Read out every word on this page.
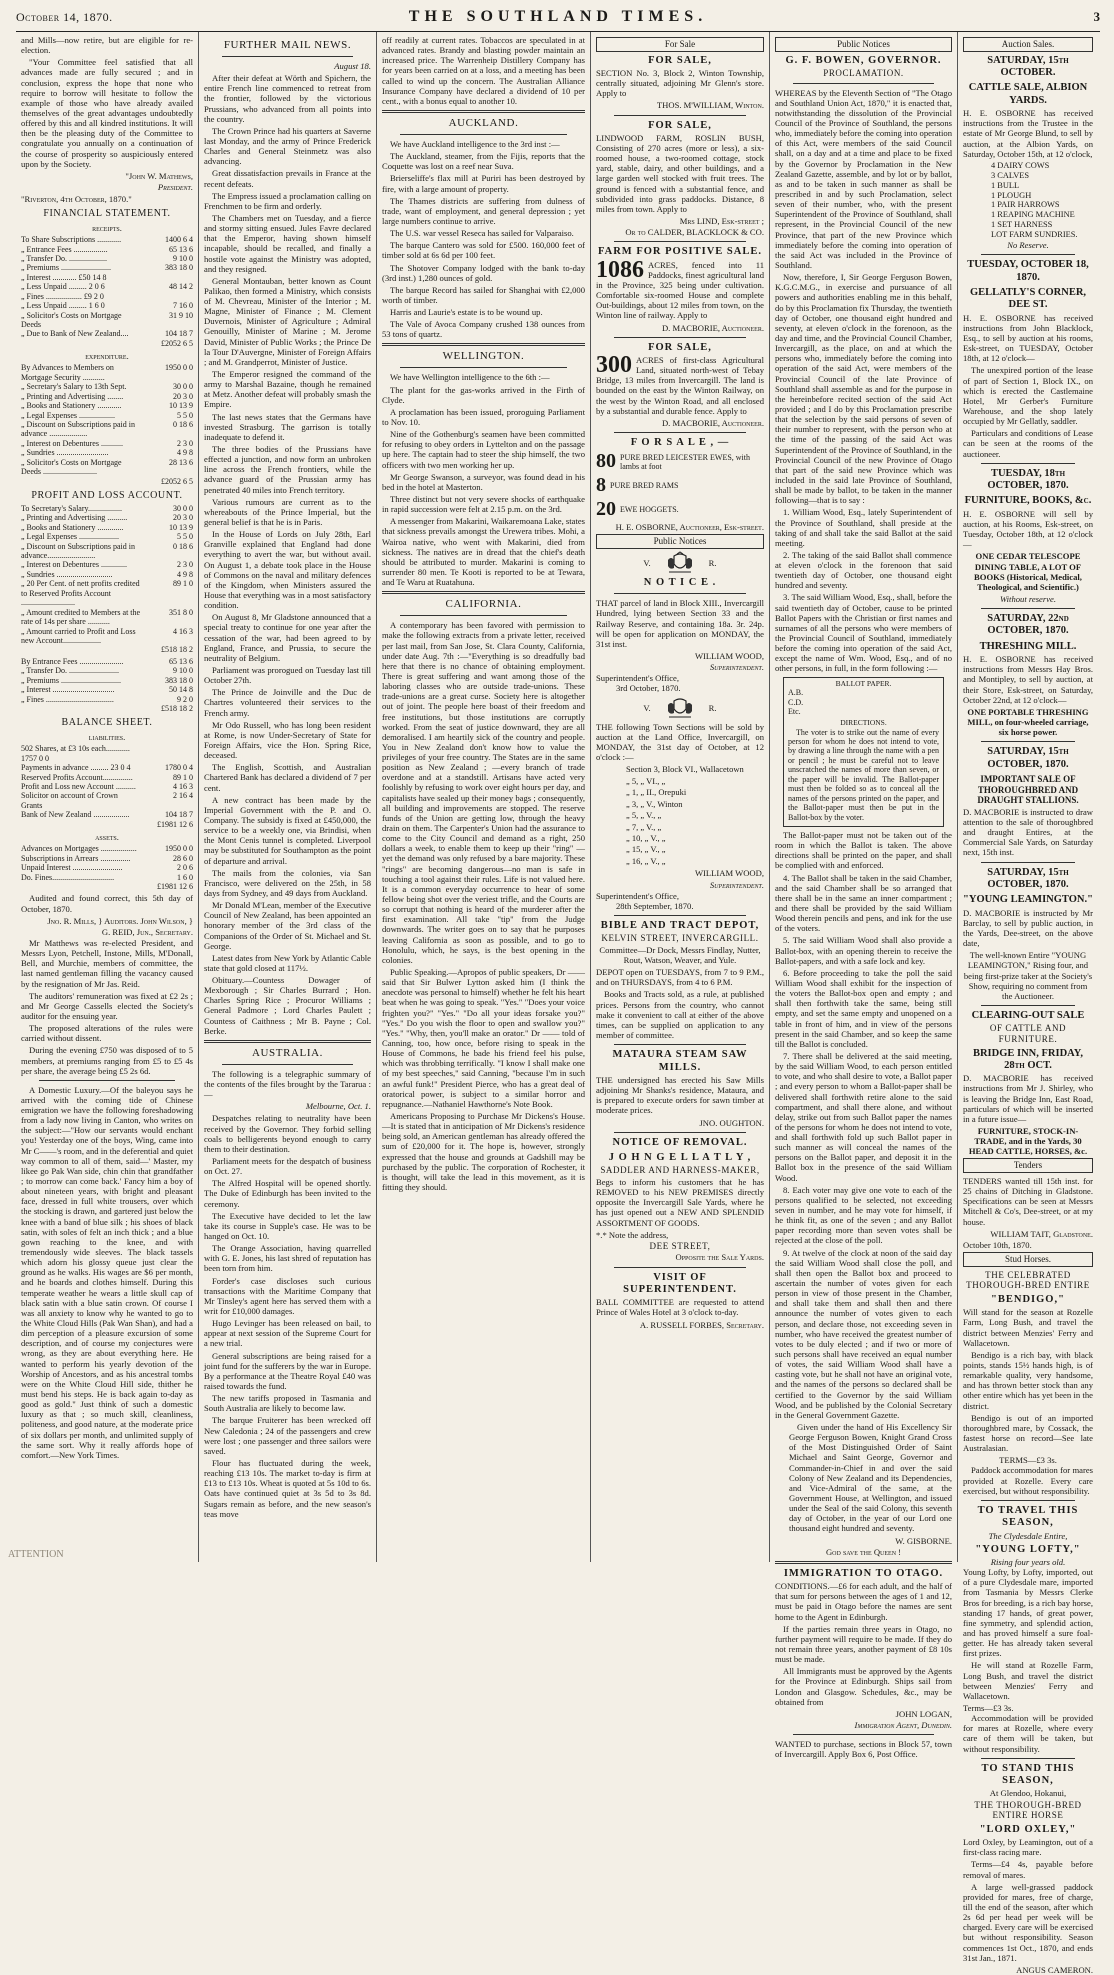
October 14, 1870.	THE SOUTHLAND TIMES.	3

and Mills—now retire, but are eligible for re-election.

"Your Committee feel satisfied that all advances made are fully secured ; and in conclusion, express the hope that none who require to borrow will hesitate to follow the example of those who have already availed themselves of the great advantages undoubtedly offered by this and all kindred institutions. It will then be the pleasing duty of the Committee to congratulate you annually on a continuation of the course of prosperity so auspiciously entered upon by the Society.

"John W. Mathews,
President.
"Riverton, 4th October, 1870."
FINANCIAL STATEMENT.
receipts.
To Share Subscriptions ............	1400 6 4
„ Entrance Fees .................	65 13 6
„ Transfer Do. ...................	9 10 0
„ Premiums .........................	383 18 0
„ Interest ............ £50 14 8	
„ Less Unpaid ......... 2 0 6	48 14 2
„ Fines .................. £9 2 0	
„ Less Unpaid ......... 1 6 0	7 16 0
„ Solicitor's Costs on Mortgage Deeds	31 9 10
„ Due to Bank of New Zealand....	104 18 7
	£2052 6 5
expenditure.
By Advances to Members on Mortgage Security ...........	1950 0 0
„ Secretary's Salary to 13th Sept.	30 0 0
„ Printing and Advertising ........	20 3 0
„ Books and Stationery ............	10 13 9
„ Legal Expenses ..................	5 5 0
„ Discount on Subscriptions paid in advance ...................	0 18 6
„ Interest on Debentures ...........	2 3 0
„ Sundries ..........................	4 9 8
„ Solicitor's Costs on Mortgage Deeds ...........................	28 13 6
	£2052 6 5
PROFIT AND LOSS ACCOUNT.
To Secretary's Salary.................	30 0 0
„ Printing and Advertising ..........	20 3 0
„ Books and Stationery .............	10 13 9
„ Legal Expenses ....................	5 5 0
„ Discount on Subscriptions paid in advance........................	0 18 6
„ Interest on Debentures .............	2 3 0
„ Sundries ............................	4 9 8
„ 20 Per Cent. of nett profits credited to Reserved Profits Account ...........................	89 1 0
„ Amount credited to Members at the rate of 14s per share ...........	351 8 0
„ Amount carried to Profit and Loss new Account...................	4 16 3
	£518 18 2
By Entrance Fees ......................	65 13 6
„ Transfer Do. .........................	9 10 0
„ Premiums ..............................	383 18 0
„ Interest ...............................	50 14 8
„ Fines ..................................	9 2 0
	£518 18 2
BALANCE SHEET.
liabilities.
502 Shares, at £3 10s each............ 1757 0 0	
Payments in advance ......... 23 0 4	1780 0 4
Reserved Profits Account...............	89 1 0
Profit and Loss new Account ..........	4 16 3
Solicitor on account of Crown Grants	2 16 4
Bank of New Zealand ..................	104 18 7
	£1981 12 6
assets.
Advances on Mortgages ..................	1950 0 0
Subscriptions in Arrears ...............	28 6 0
Unpaid Interest .........................	2 0 6
Do. Fines...............................	1 6 0
	£1981 12 6

Audited and found correct, this 5th day of October, 1870.

Jno. R. Mills, } Auditors. John Wilson, }
G. REID, Jun., Secretary.

Mr Matthews was re-elected President, and Messrs Lyon, Petchell, Instone, Mills, M'Donall, Bell, and Murchie, members of committee, the last named gentleman filling the vacancy caused by the resignation of Mr Jas. Reid.

The auditors' remuneration was fixed at £2 2s ; and Mr George Cassells elected the Society's auditor for the ensuing year.

The proposed alterations of the rules were carried without dissent.

During the evening £750 was disposed of to 5 members, at premiums ranging from £5 to £5 4s per share, the average being £5 2s 6d.

A Domestic Luxury.—Of the baleyou says he arrived with the coming tide of Chinese emigration we have the following foreshadowing from a lady now living in Canton, who writes on the subject:—"How our servants would enchant you! Yesterday one of the boys, Wing, came into Mr C——'s room, and in the deferential and quiet way common to all of them, said—' Master, my likee go Pak Wan side, chin chin that grandfather ; to morrow can come back.' Fancy him a boy of about nineteen years, with bright and pleasant face, dressed in full white trousers, over which the stocking is drawn, and gartered just below the knee with a band of blue silk ; his shoes of black satin, with soles of felt an inch thick ; and a blue gown reaching to the knee, and with tremendously wide sleeves. The black tassels which adorn his glossy queue just clear the ground as he walks. His wages are $6 per month, and he boards and clothes himself. During this temperate weather he wears a little skull cap of black satin with a blue satin crown. Of course I was all anxiety to know why he wanted to go to the White Cloud Hills (Pak Wan Shan), and had a dim perception of a pleasure excursion of some description, and of course my conjectures were wrong, as they are about everything here. He wanted to perform his yearly devotion of the Worship of Ancestors, and as his ancestral tombs were on the White Cloud Hill side, thither he must bend his steps. He is back again to-day as good as gold." Just think of such a domestic luxury as that ; so much skill, cleanliness, politeness, and good nature, at the moderate price of six dollars per month, and unlimited supply of the same sort. Why it really affords hope of comfort.—New York Times.

FURTHER MAIL NEWS.
August 18.

After their defeat at Wörth and Spichern, the entire French line commenced to retreat from the frontier, followed by the victorious Prussians, who advanced from all points into the country.

The Crown Prince had his quarters at Saverne last Monday, and the army of Prince Frederick Charles and General Steinmetz was also advancing.

Great dissatisfaction prevails in France at the recent defeats.

The Empress issued a proclamation calling on Frenchmen to be firm and orderly.

The Chambers met on Tuesday, and a fierce and stormy sitting ensued. Jules Favre declared that the Emperor, having shown himself incapable, should be recalled, and finally a hostile vote against the Ministry was adopted, and they resigned.

General Montauban, better known as Count Palikao, then formed a Ministry, which consists of M. Chevreau, Minister of the Interior ; M. Magne, Minister of Finance ; M. Clement Duvernois, Minister of Agriculture ; Admiral Genouilly, Minister of Marine ; M. Jerome David, Minister of Public Works ; the Prince De la Tour D'Auvergne, Minister of Foreign Affairs ; and M. Grandperrot, Minister of Justice.

The Emperor resigned the command of the army to Marshal Bazaine, though he remained at Metz. Another defeat will probably smash the Empire.

The last news states that the Germans have invested Strasburg. The garrison is totally inadequate to defend it.

The three bodies of the Prussians have effected a junction, and now form an unbroken line across the French frontiers, while the advance guard of the Prussian army has penetrated 40 miles into French territory.

Various rumours are current as to the whereabouts of the Prince Imperial, but the general belief is that he is in Paris.

In the House of Lords on July 28th, Earl Granville explained that England had done everything to avert the war, but without avail. On August 1, a debate took place in the House of Commons on the naval and military defences of the Kingdom, when Ministers assured the House that everything was in a most satisfactory condition.

On August 8, Mr Gladstone announced that a special treaty to continue for one year after the cessation of the war, had been agreed to by England, France, and Prussia, to secure the neutrality of Belgium.

Parliament was prorogued on Tuesday last till October 27th.

The Prince de Joinville and the Duc de Chartres volunteered their services to the French army.

Mr Odo Russell, who has long been resident at Rome, is now Under-Secretary of State for Foreign Affairs, vice the Hon. Spring Rice, deceased.

The English, Scottish, and Australian Chartered Bank has declared a dividend of 7 per cent.

A new contract has been made by the Imperial Government with the P. and O. Company. The subsidy is fixed at £450,000, the service to be a weekly one, via Brindisi, when the Mont Cenis tunnel is completed. Liverpool may be substituted for Southampton as the point of departure and arrival.

The mails from the colonies, via San Francisco, were delivered on the 25th, in 58 days from Sydney, and 49 days from Auckland.

Mr Donald M'Lean, member of the Executive Council of New Zealand, has been appointed an honorary member of the 3rd class of the Companions of the Order of St. Michael and St. George.

Latest dates from New York by Atlantic Cable state that gold closed at 117½.

Obituary.—Countess Dowager of Mexborough ; Sir Charles Burrard ; Hon. Charles Spring Rice ; Procuror Williams ; General Padmore ; Lord Charles Paulett ; Countess of Caithness ; Mr B. Payne ; Col. Berke.

AUSTRALIA.

The following is a telegraphic summary of the contents of the files brought by the Tararua :—

Melbourne, Oct. 1.

Despatches relating to neutrality have been received by the Governor. They forbid selling coals to belligerents beyond enough to carry them to their destination.

Parliament meets for the despatch of business on Oct. 27.

The Alfred Hospital will be opened shortly. The Duke of Edinburgh has been invited to the ceremony.

The Executive have decided to let the law take its course in Supple's case. He was to be hanged on Oct. 10.

The Orange Association, having quarrelled with G. E. Jones, his last shred of reputation has been torn from him.

Forder's case discloses such curious transactions with the Maritime Company that Mr Tinsley's agent here has served them with a writ for £10,000 damages.

Hugo Levinger has been released on bail, to appear at next session of the Supreme Court for a new trial.

General subscriptions are being raised for a joint fund for the sufferers by the war in Europe. By a performance at the Theatre Royal £40 was raised towards the fund.

The new tariffs proposed in Tasmania and South Australia are likely to become law.

The barque Fruiterer has been wrecked off New Caledonia ; 24 of the passengers and crew were lost ; one passenger and three sailors were saved.

Flour has fluctuated during the week, reaching £13 10s. The market to-day is firm at £13 to £13 10s. Wheat is quoted at 5s 10d to 6s. Oats have continued quiet at 3s 5d to 3s 8d. Sugars remain as before, and the new season's teas move

off readily at current rates. Tobaccos are speculated in at advanced rates. Brandy and blasting powder maintain an increased price. The Warrenheip Distillery Company has for years been carried on at a loss, and a meeting has been called to wind up the concern. The Australian Alliance Insurance Company have declared a dividend of 10 per cent., with a bonus equal to another 10.

AUCKLAND.

We have Auckland intelligence to the 3rd inst :—

The Auckland, steamer, from the Fijis, reports that the Coquette was lost on a reef near Suva.

Brierseliffe's flax mill at Puriri has been destroyed by fire, with a large amount of property.

The Thames districts are suffering from dulness of trade, want of employment, and general depression ; yet large numbers continue to arrive.

The U.S. war vessel Reseca has sailed for Valparaiso.

The barque Cantero was sold for £500. 160,000 feet of timber sold at 6s 6d per 100 feet.

The Shotover Company lodged with the bank to-day (3rd inst.) 1,280 ounces of gold.

The barque Record has sailed for Shanghai with £2,000 worth of timber.

Harris and Laurie's estate is to be wound up.

The Vale of Avoca Company crushed 138 ounces from 53 tons of quartz.

WELLINGTON.

We have Wellington intelligence to the 6th :—

The plant for the gas-works arrived in the Firth of Clyde.

A proclamation has been issued, proroguing Parliament to Nov. 10.

Nine of the Gothenburg's seamen have been committed for refusing to obey orders in Lyttelton and on the passage up here. The captain had to steer the ship himself, the two officers with two men working her up.

Mr George Swanson, a surveyor, was found dead in his bed in the hotel at Masterton.

Three distinct but not very severe shocks of earthquake in rapid succession were felt at 2.15 p.m. on the 3rd.

A messenger from Makarini, Waikaremoana Lake, states that sickness prevails amongst the Urewera tribes. Mohi, a Wairoa native, who went with Makarini, died from sickness. The natives are in dread that the chief's death should be attributed to murder. Makarini is coming to surrender 80 men. Te Kooti is reported to be at Tewara, and Te Waru at Ruatahuna.

CALIFORNIA.

A contemporary has been favored with permission to make the following extracts from a private letter, received per last mail, from San Jose, St. Clara County, California, under date Aug. 7th :—"Everything is so dreadfully bad here that there is no chance of obtaining employment. There is great suffering and want among those of the laboring classes who are outside trade-unions. These trade-unions are a great curse. Society here is altogether out of joint. The people here boast of their freedom and free institutions, but those institutions are corruptly worked. From the seat of justice downward, they are all demoralised. I am heartily sick of the country and people. You in New Zealand don't know how to value the privileges of your free country. The States are in the same position as New Zealand ; —every branch of trade overdone and at a standstill. Artisans have acted very foolishly by refusing to work over eight hours per day, and capitalists have sealed up their money bags ; consequently, all building and improvements are stopped. The reserve funds of the Union are getting low, through the heavy drain on them. The Carpenter's Union had the assurance to come to the City Council and demand as a right, 250 dollars a week, to enable them to keep up their "ring" —yet the demand was only refused by a bare majority. These "rings" are becoming dangerous—no man is safe in touching a tool against their rules. Life is not valued here. It is a common everyday occurrence to hear of some fellow being shot over the veriest trifle, and the Courts are so corrupt that nothing is heard of the murderer after the first examination. All take "tip" from the Judge downwards. The writer goes on to say that he purposes leaving California as soon as possible, and to go to Honolulu, which, he says, is the best opening in the colonies.

Public Speaking.—Apropos of public speakers, Dr —— said that Sir Bulwer Lytton asked him (I think the anecdote was personal to himself) whether he felt his heart beat when he was going to speak. "Yes." "Does your voice frighten you?" "Yes." "Do all your ideas forsake you?" "Yes." Do you wish the floor to open and swallow you?" "Yes." "Why, then, you'll make an orator." Dr —— told of Canning, too, how once, before rising to speak in the House of Commons, he bade his friend feel his pulse, which was throbbing terrifically. "I know I shall make one of my best speeches," said Canning, "because I'm in such an awful funk!" President Pierce, who has a great deal of oratorical power, is subject to a similar horror and repugnance.—Nathaniel Hawthorne's Note Book.

Americans Proposing to Purchase Mr Dickens's House.—It is stated that in anticipation of Mr Dickens's residence being sold, an American gentleman has already offered the sum of £20,000 for it. The hope is, however, strongly expressed that the house and grounds at Gadshill may be purchased by the public. The corporation of Rochester, it is thought, will take the lead in this movement, as it is fitting they should.

For Sale
FOR SALE,

SECTION No. 3, Block 2, Winton Township, centrally situated, adjoining Mr Glenn's store. Apply to

THOS. M'WILLIAM, Winton.
FOR SALE,

LINDWOOD FARM, ROSLIN BUSH, Consisting of 270 acres (more or less), a six-roomed house, a two-roomed cottage, stock yard, stable, dairy, and other buildings, and a large garden well stocked with fruit trees. The ground is fenced with a substantial fence, and subdivided into grass paddocks. Distance, 8 miles from town. Apply to

Mrs LIND, Esk-street ;
Or to CALDER, BLACKLOCK & CO.
FARM FOR POSITIVE SALE.

1086 ACRES, fenced into 11 Paddocks, finest agricultural land in the Province, 325 being under cultivation. Comfortable six-roomed House and complete Out-buildings, about 12 miles from town, on the Winton line of railway. Apply to

D. MACBORIE, Auctioneer.
FOR SALE,

300 ACRES of first-class Agricultural Land, situated north-west of Tebay Bridge, 13 miles from Invercargill. The land is bounded on the east by the Winton Railway, on the west by the Winton Road, and all enclosed by a substantial and durable fence. Apply to

D. MACBORIE, Auctioneer.
F O R S A L E , —
80 PURE BRED LEICESTER EWES, with lambs at foot
8 PURE BRED RAMS
20 EWE HOGGETS.
H. E. OSBORNE, Auctioneer, Esk-street.
Public Notices
V.	R.
N O T I C E .

THAT parcel of land in Block XIII., Invercargill Hundred, lying between Section 33 and the Railway Reserve, and containing 18a. 3r. 24p. will be open for application on MONDAY, the 31st inst.

WILLIAM WOOD,
Superintendent.
Superintendent's Office,
3rd October, 1870.
V.	R.

THE following Town Sections will be sold by auction at the Land Office, Invercargill, on MONDAY, the 31st day of October, at 12 o'clock :—

Section 3, Block VI., Wallacetown
„ 5, „ VI., „
„ 1, „ II., Orepuki
„ 3, „ V., Winton
„ 5, „ V., „
„ 7, „ V., „
„ 10, „ V., „
„ 15, „ V., „
„ 16, „ V., „
WILLIAM WOOD,
Superintendent.
Superintendent's Office,
28th September, 1870.
BIBLE AND TRACT DEPOT,
KELVIN STREET, INVERCARGILL.

Committee—Dr Dock, Messrs Findlay, Nutter, Rout, Watson, Weaver, and Yule.

DEPOT open on TUESDAYS, from 7 to 9 P.M., and on THURSDAYS, from 4 to 6 P.M.

Books and Tracts sold, as a rule, at published prices. Persons from the country, who cannot make it convenient to call at either of the above times, can be supplied on application to any member of committee.

MATAURA STEAM SAW MILLS.

THE undersigned has erected his Saw Mills adjoining Mr Shanks's residence, Mataura, and is prepared to execute orders for sawn timber at moderate prices.

JNO. OUGHTON.
NOTICE OF REMOVAL.
J O H N G E L L A T L Y ,
SADDLER AND HARNESS-MAKER,

Begs to inform his customers that he has REMOVED to his NEW PREMISES directly opposite the Invercargill Sale Yards, where he has just opened out a NEW AND SPLENDID ASSORTMENT OF GOODS.

*.* Note the address,
DEE STREET,
Opposite the Sale Yards.
VISIT OF SUPERINTENDENT.

BALL COMMITTEE are requested to attend Prince of Wales Hotel at 3 o'clock to-day.

A. RUSSELL FORBES, Secretary.
Public Notices
G. F. BOWEN, GOVERNOR.
PROCLAMATION.

WHEREAS by the Eleventh Section of "The Otago and Southland Union Act, 1870," it is enacted that, notwithstanding the dissolution of the Provincial Council of the Province of Southland, the persons who, immediately before the coming into operation of this Act, were members of the said Council shall, on a day and at a time and place to be fixed by the Governor by Proclamation in the New Zealand Gazette, assemble, and by lot or by ballot, as and to be taken in such manner as shall be prescribed in and by such Proclamation, select seven of their number, who, with the present Superintendent of the Province of Southland, shall represent, in the Provincial Council of the new Province, that part of the new Province which immediately before the coming into operation of the said Act was included in the Province of Southland.

Now, therefore, I, Sir George Ferguson Bowen, K.G.C.M.G., in exercise and pursuance of all powers and authorities enabling me in this behalf, do by this Proclamation fix Thursday, the twentieth day of October, one thousand eight hundred and seventy, at eleven o'clock in the forenoon, as the day and time, and the Provincial Council Chamber, Invercargill, as the place, on and at which the persons who, immediately before the coming into operation of the said Act, were members of the Provincial Council of the late Province of Southland shall assemble as and for the purpose in the hereinbefore recited section of the said Act provided ; and I do by this Proclamation prescribe that the selection by the said persons of seven of their number to represent, with the person who at the time of the passing of the said Act was Superintendent of the Province of Southland, in the Provincial Council of the new Province of Otago that part of the said new Province which was included in the said late Province of Southland, shall be made by ballot, to be taken in the manner following—that is to say :

1. William Wood, Esq., lately Superintendent of the Province of Southland, shall preside at the taking of and shall take the said Ballot at the said meeting.

2. The taking of the said Ballot shall commence at eleven o'clock in the forenoon that said twentieth day of October, one thousand eight hundred and seventy.

3. The said William Wood, Esq., shall, before the said twentieth day of October, cause to be printed Ballot Papers with the Christian or first names and surnames of all the persons who were members of the Provincial Council of Southland, immediately before the coming into operation of the said Act, except the name of Wm. Wood, Esq., and of no other persons, in full, in the form following :—

BALLOT PAPER.
A.B.
C.D.
Etc.
DIRECTIONS.

The voter is to strike out the name of every person for whom he does not intend to vote, by drawing a line through the name with a pen or pencil ; he must be careful not to leave unscratched the names of more than seven, or the paper will be invalid. The Ballot-paper must then be folded so as to conceal all the names of the persons printed on the paper, and the Ballot-paper must then be put in the Ballot-box by the voter.

The Ballot-paper must not be taken out of the room in which the Ballot is taken. The above directions shall be printed on the paper, and shall be complied with and enforced.

4. The Ballot shall be taken in the said Chamber, and the said Chamber shall be so arranged that there shall be in the same an inner compartment ; and there shall be provided by the said William Wood therein pencils and pens, and ink for the use of the voters.

5. The said William Wood shall also provide a Ballot-box, with an opening therein to receive the Ballot-papers, and with a safe lock and key.

6. Before proceeding to take the poll the said William Wood shall exhibit for the inspection of the voters the Ballot-box open and empty ; and shall then forthwith take the same, being still empty, and set the same empty and unopened on a table in front of him, and in view of the persons present in the said Chamber, and so keep the same till the Ballot is concluded.

7. There shall be delivered at the said meeting, by the said William Wood, to each person entitled to vote, and who shall desire to vote, a Ballot paper ; and every person to whom a Ballot-paper shall be delivered shall forthwith retire alone to the said compartment, and shall there alone, and without delay, strike out from such Ballot paper the names of the persons for whom he does not intend to vote, and shall forthwith fold up such Ballot paper in such manner as will conceal the names of the persons on the Ballot paper, and deposit it in the Ballot box in the presence of the said William Wood.

8. Each voter may give one vote to each of the persons qualified to be selected, not exceeding seven in number, and he may vote for himself, if he think fit, as one of the seven ; and any Ballot paper recording more than seven votes shall be rejected at the close of the poll.

9. At twelve of the clock at noon of the said day the said William Wood shall close the poll, and shall then open the Ballot box and proceed to ascertain the number of votes given for each person in view of those present in the Chamber, and shall take them and shall then and there announce the number of votes given to each person, and declare those, not exceeding seven in number, who have received the greatest number of votes to be duly elected ; and if two or more of such persons shall have received an equal number of votes, the said William Wood shall have a casting vote, but he shall not have an original vote, and the names of the persons so declared shall be certified to the Governor by the said William Wood, and be published by the Colonial Secretary in the General Government Gazette.

Given under the hand of His Excellency Sir George Ferguson Bowen, Knight Grand Cross of the Most Distinguished Order of Saint Michael and Saint George, Governor and Commander-in-Chief in and over the said Colony of New Zealand and its Dependencies, and Vice-Admiral of the same, at the Government House, at Wellington, and issued under the Seal of the said Colony, this seventh day of October, in the year of our Lord one thousand eight hundred and seventy.

W. GISBORNE.
God save the Queen !
IMMIGRATION TO OTAGO.

CONDITIONS.—£6 for each adult, and the half of that sum for persons between the ages of 1 and 12, must be paid in Otago before the names are sent home to the Agent in Edinburgh.

If the parties remain three years in Otago, no further payment will require to be made. If they do not remain three years, another payment of £8 10s must be made.

All Immigrants must be approved by the Agents for the Province at Edinburgh. Ships sail from London and Glasgow. Schedules, &c., may be obtained from

JOHN LOGAN,
Immigration Agent, Dunedin.

WANTED to purchase, sections in Block 57, town of Invercargill. Apply Box 6, Post Office.

Auction Sales.
SATURDAY, 15th OCTOBER.
CATTLE SALE, ALBION YARDS.

H. E. OSBORNE has received instructions from the Trustee in the estate of Mr George Blund, to sell by auction, at the Albion Yards, on Saturday, October 15th, at 12 o'clock,

4 DAIRY COWS
3 CALVES
1 BULL
1 PLOUGH
1 PAIR HARROWS
1 REAPING MACHINE
1 SET HARNESS
LOT FARM SUNDRIES.
No Reserve.
TUESDAY, OCTOBER 18, 1870.
GELLATLY'S CORNER, DEE ST.

H. E. OSBORNE has received instructions from John Blacklock, Esq., to sell by auction at his rooms, Esk-street, on TUESDAY, October 18th, at 12 o'clock—

The unexpired portion of the lease of part of Section 1, Block IX., on which is erected the Castlemaine Hotel, Mr Gerber's Furniture Warehouse, and the shop lately occupied by Mr Gellatly, saddler.

Particulars and conditions of Lease can be seen at the rooms of the auctioneer.

TUESDAY, 18th OCTOBER, 1870.
FURNITURE, BOOKS, &c.

H. E. OSBORNE will sell by auction, at his Rooms, Esk-street, on Tuesday, October 18th, at 12 o'clock—

ONE CEDAR TELESCOPE DINING TABLE, A LOT OF BOOKS (Historical, Medical, Theological, and Scientific.)

Without reserve.
SATURDAY, 22nd OCTOBER, 1870.
THRESHING MILL.

H. E. OSBORNE has received instructions from Messrs Hay Bros. and Montipley, to sell by auction, at their Store, Esk-street, on Saturday, October 22nd, at 12 o'clock—

ONE PORTABLE THRESHING MILL, on four-wheeled carriage, six horse power.

SATURDAY, 15th OCTOBER, 1870.
IMPORTANT SALE OF THOROUGHBRED AND DRAUGHT STALLIONS.

D. MACBORIE is instructed to draw attention to the sale of thoroughbred and draught Entires, at the Commercial Sale Yards, on Saturday next, 15th inst.

SATURDAY, 15th OCTOBER, 1870.
"YOUNG LEAMINGTON."

D. MACBORIE is instructed by Mr Barclay, to sell by public auction, in the Yards, Dee-street, on the above date,

The well-known Entire "YOUNG LEAMINGTON," Rising four, and being first-prize taker at the Society's Show, requiring no comment from the Auctioneer.

CLEARING-OUT SALE
OF CATTLE AND FURNITURE.
BRIDGE INN, FRIDAY, 28th OCT.

D. MACBORIE has received instructions from Mr J. Shirley, who is leaving the Bridge Inn, East Road, particulars of which will be inserted in a future issue—

FURNITURE, STOCK-IN-TRADE, and in the Yards, 30 HEAD CATTLE, HORSES, &c.

Tenders

TENDERS wanted till 15th inst. for 25 chains of Ditching in Gladstone. Specifications can be seen at Messrs Mitchell & Co's, Dee-street, or at my house.

WILLIAM TAIT, Gladstone.
October 10th, 1870.
Stud Horses.
THE CELEBRATED THOROUGH-BRED ENTIRE
"BENDIGO,"

Will stand for the season at Rozelle Farm, Long Bush, and travel the district between Menzies' Ferry and Wallacetown.

Bendigo is a rich bay, with black points, stands 15½ hands high, is of remarkable quality, very handsome, and has thrown better stock than any other entire which has yet been in the district.

Bendigo is out of an imported thoroughbred mare, by Cossack, the fastest horse on record—See late Australasian.

TERMS—£3 3s.

Paddock accommodation for mares provided at Rozelle. Every care exercised, but without responsibility.

TO TRAVEL THIS SEASON,
The Clydesdale Entire,
"YOUNG LOFTY,"
Rising four years old.

Young Lofty, by Lofty, imported, out of a pure Clydesdale mare, imported from Tasmania by Messrs Clerke Bros for breeding, is a rich bay horse, standing 17 hands, of great power, fine symmetry, and splendid action, and has proved himself a sure foal-getter. He has already taken several first prizes.

He will stand at Rozelle Farm, Long Bush, and travel the district between Menzies' Ferry and Wallacetown.

Terms—£3 3s.

Accommodation will be provided for mares at Rozelle, where every care of them will be taken, but without responsibility.

TO STAND THIS SEASON,
At Glendoo, Hokanui,
THE THOROUGH-BRED ENTIRE HORSE
"LORD OXLEY,"

Lord Oxley, by Leamington, out of a first-class racing mare.

Terms—£4 4s, payable before removal of mares.

A large well-grassed paddock provided for mares, free of charge, till the end of the season, after which 2s 6d per head per week will be charged. Every care will be exercised but without responsibility. Season commences 1st Oct., 1870, and ends 31st Jan., 1871.

ANGUS CAMERON.
ATTENTION
